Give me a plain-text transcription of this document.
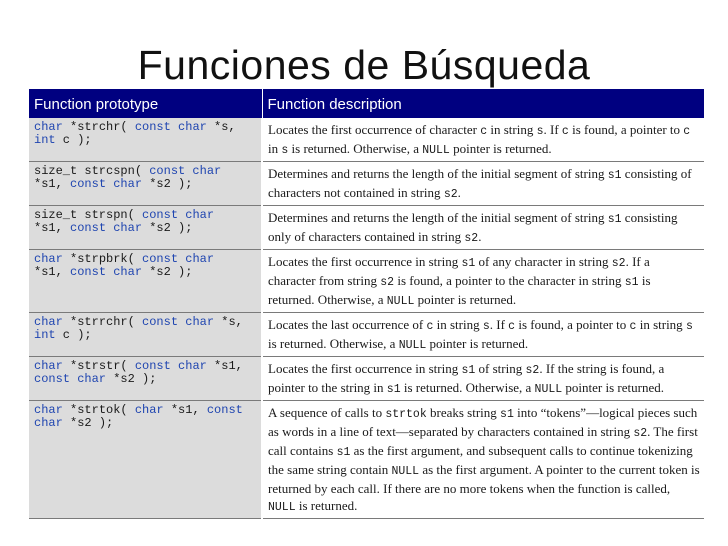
Funciones de Búsqueda
Function prototype	Function description

char *strchr( const char *s,
int c );	Locates the first occurrence of character c in string s. If c is found, a pointer to c in s is returned. Otherwise, a NULL pointer is returned.

size_t strcspn( const char
*s1, const char *s2 );	Determines and returns the length of the initial segment of string s1 consisting of characters not contained in string s2.

size_t strspn( const char
*s1, const char *s2 );	Determines and returns the length of the initial segment of string s1 consisting only of characters contained in string s2.

char *strpbrk( const char
*s1, const char *s2 );	Locates the first occurrence in string s1 of any character in string s2. If a character from string s2 is found, a pointer to the character in string s1 is returned. Otherwise, a NULL pointer is returned.

char *strrchr( const char *s,
int c );	Locates the last occurrence of c in string s. If c is found, a pointer to c in string s is returned. Otherwise, a NULL pointer is returned.

char *strstr( const char *s1,
const char *s2 );	Locates the first occurrence in string s1 of string s2. If the string is found, a pointer to the string in s1 is returned. Otherwise, a NULL pointer is returned.

char *strtok( char *s1, const
char *s2 );	A sequence of calls to strtok breaks string s1 into “tokens”—logical pieces such as words in a line of text—separated by characters contained in string s2. The first call contains s1 as the first argument, and subsequent calls to continue tokenizing the same string contain NULL as the first argument. A pointer to the current token is returned by each call. If there are no more tokens when the function is called, NULL is returned.
